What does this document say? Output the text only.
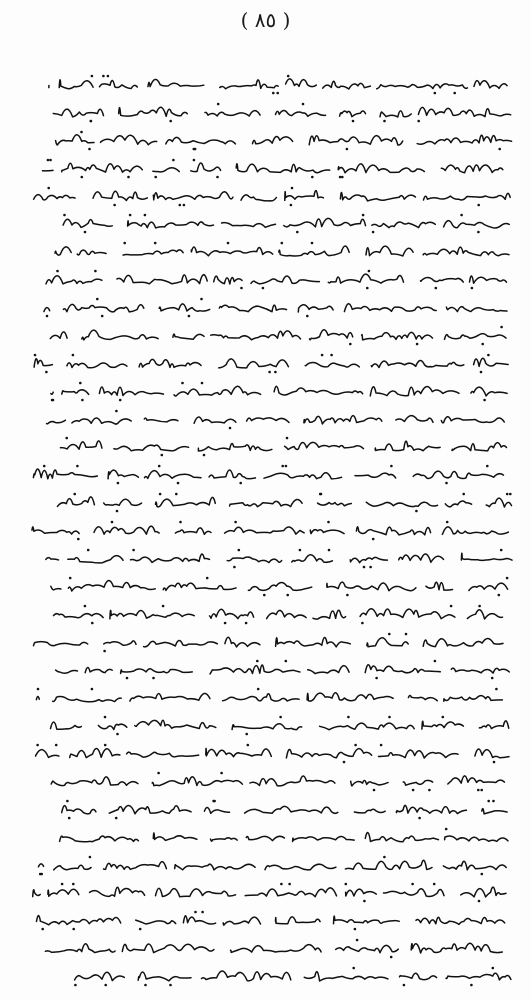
( ٨٥ )
